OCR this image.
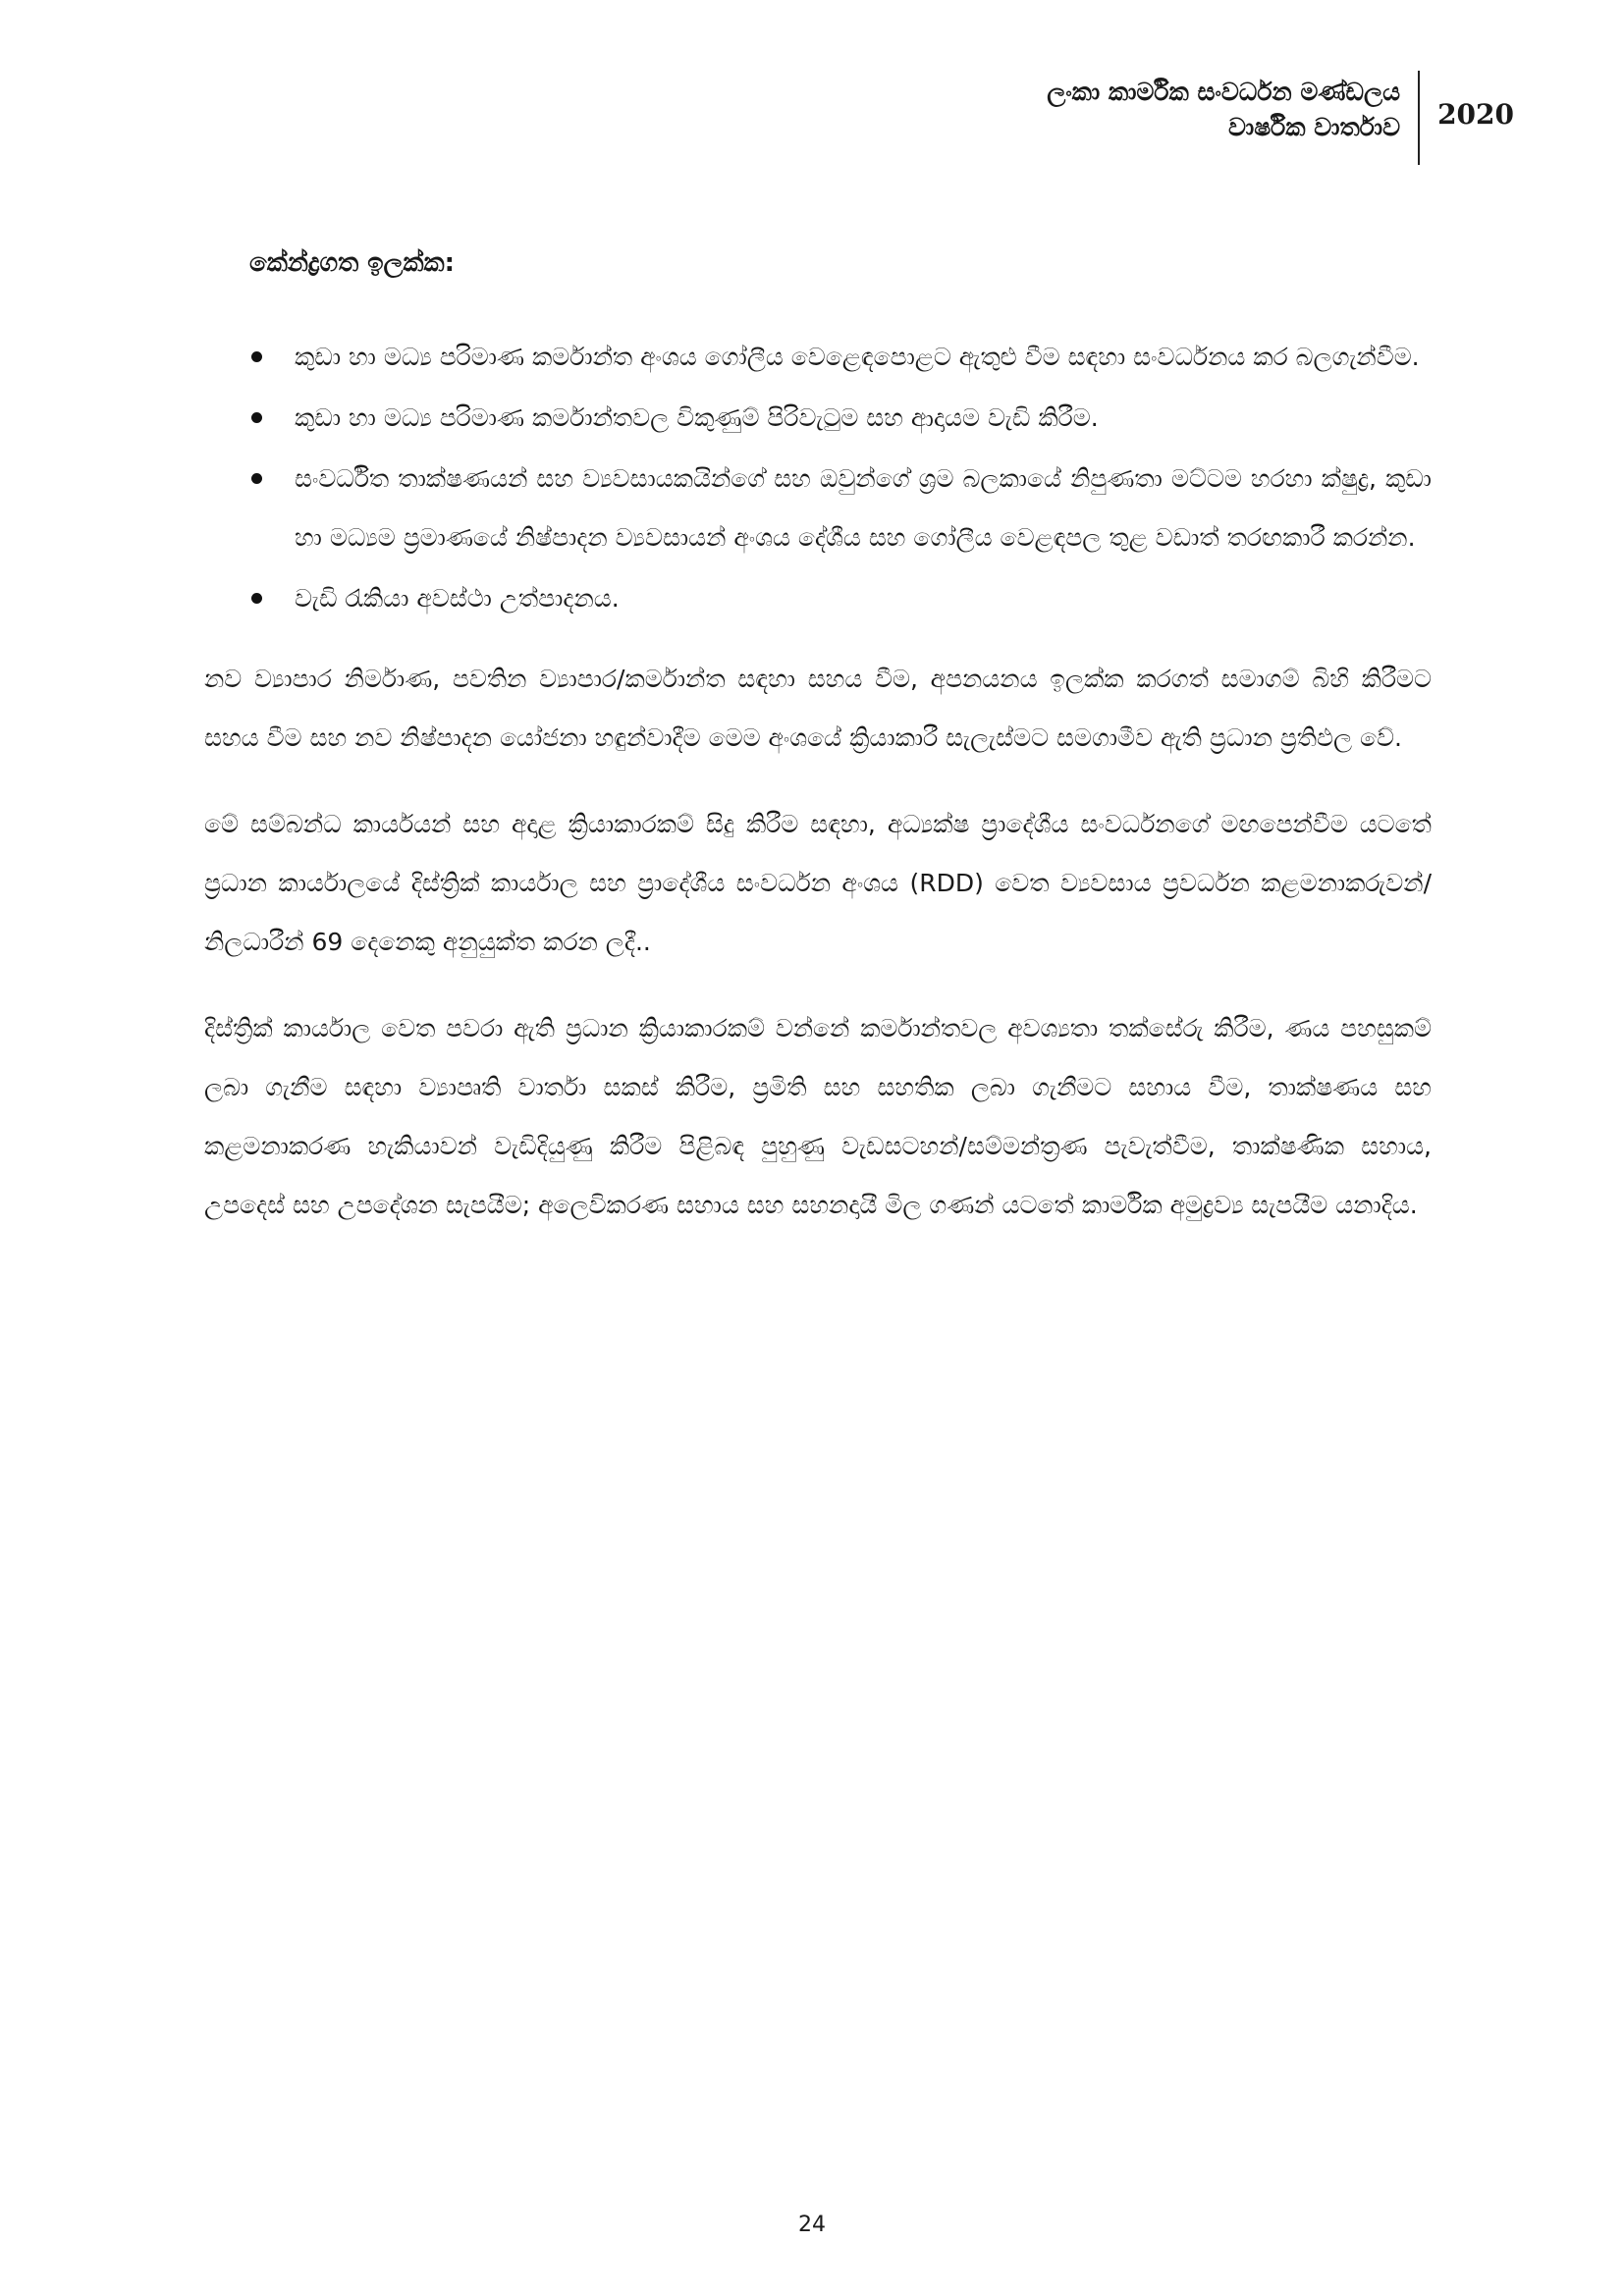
ලංකා කාර්මික සංවර්ධන මණ්ඩලය
වාර්ෂික වාර්තාව	2020
කේන්ද්‍රගත ඉලක්ක:
කුඩා හා මධ්‍ය පරිමාණ කර්මාන්ත අංශය ගෝලීය වෙළෙඳපොළට ඇතුළු වීම සඳහා සංවර්ධනය කර බලගැන්වීම.
කුඩා හා මධ්‍ය පරිමාණ කර්මාන්තවල විකුණුම් පිරිවැටුම සහ ආදායම වැඩි කිරීම.
සංවර්ධිත තාක්ෂණයන් සහ ව්‍යවසායකයින්ගේ සහ ඔවුන්ගේ ශ්‍රම බලකායේ නිපුණතා මට්ටම හරහා ක්ෂුද්‍ර, කුඩා හා මධ්‍යම ප්‍රමාණයේ නිෂ්පාදන ව්‍යවසායන් අංශය දේශීය සහ ගෝලීය වෙළඳපල තුළ වඩාත් තරඟකාරී කරන්න.
වැඩි රැකියා අවස්ථා උත්පාදනය.

නව ව්‍යාපාර නිර්මාණ, පවතින ව්‍යාපාර/කර්මාන්ත සඳහා සහය වීම, අපනයනය ඉලක්ක කරගත් සමාගම් බිහි කිරීමට සහය වීම සහ නව නිෂ්පාදන යෝජනා හඳුන්වාදීම මෙම අංශයේ ක්‍රියාකාරී සැලැස්මට සමගාමීව ඇති ප්‍රධාන ප්‍රතිඵල වේ.

මේ සම්බන්ධ කාර්යයන් සහ අදාළ ක්‍රියාකාරකම් සිදු කිරීම සඳහා, අධ්‍යක්ෂ ප්‍රාදේශීය සංවර්ධනගේ මඟපෙන්වීම යටතේ ප්‍රධාන කාර්යාලයේ දිස්ත්‍රික් කාර්යාල සහ ප්‍රාදේශීය සංවර්ධන අංශය (RDD) වෙත ව්‍යවසාය ප්‍රවර්ධන කළමනාකරුවන්/නිලධාරීන් 69 දෙනෙකු අනුයුක්ත කරන ලදී..

දිස්ත්‍රික් කාර්යාල වෙත පවරා ඇති ප්‍රධාන ක්‍රියාකාරකම් වන්නේ කර්මාන්තවල අවශ්‍යතා තක්සේරු කිරීම, ණය පහසුකම් ලබා ගැනීම සඳහා ව්‍යාපෘති වාර්තා සකස් කිරීම, ප්‍රමිති සහ සහතික ලබා ගැනීමට සහාය වීම, තාක්ෂණය සහ කළමනාකරණ හැකියාවන් වැඩිදියුණු කිරීම පිළිබඳ පුහුණු වැඩසටහන්/සම්මන්ත්‍රණ පැවැත්වීම, තාක්ෂණික සහාය, උපදෙස් සහ උපදේශන සැපයීම; අලෙවිකරණ සහාය සහ සහනදායී මිල ගණන් යටතේ කාර්මික අමුද්‍රව්‍ය සැපයීම යනාදිය.

24
